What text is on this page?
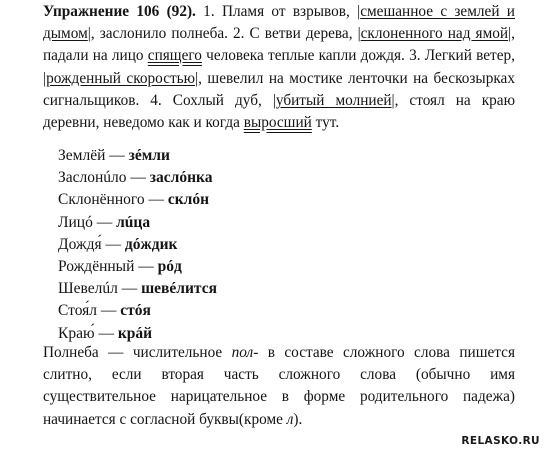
Упражнение 106 (92). 1. Пламя от взрывов, |смешанное с землей и дымом|, заслонило полнеба. 2. С ветви дерева, |склоненного над ямой|, падали на лицо спящего человека теплые капли дождя. 3. Легкий ветер, |рожденный скоростью|, шевелил на мостике ленточки на бескозырках сигнальщиков. 4. Сохлый дуб, |убитый молнией|, стоял на краю деревни, неведомо как и когда выросший тут.
Землёй — зéмли
Заслонúло — заслóнка
Склонённого — склóн
Лицó — лúца
Дождя́ — дóждик
Рождённый — рóд
Шевелúл — шевéлится
Стоя́л — стóя
Краю́ — крáй
Полнеба — числительное пол- в составе сложного слова пишется слитно, если вторая часть сложного слова (обычно имя существительное нарицательное в форме родительного падежа) начинается с согласной буквы(кроме л).
RELASKO.RU
